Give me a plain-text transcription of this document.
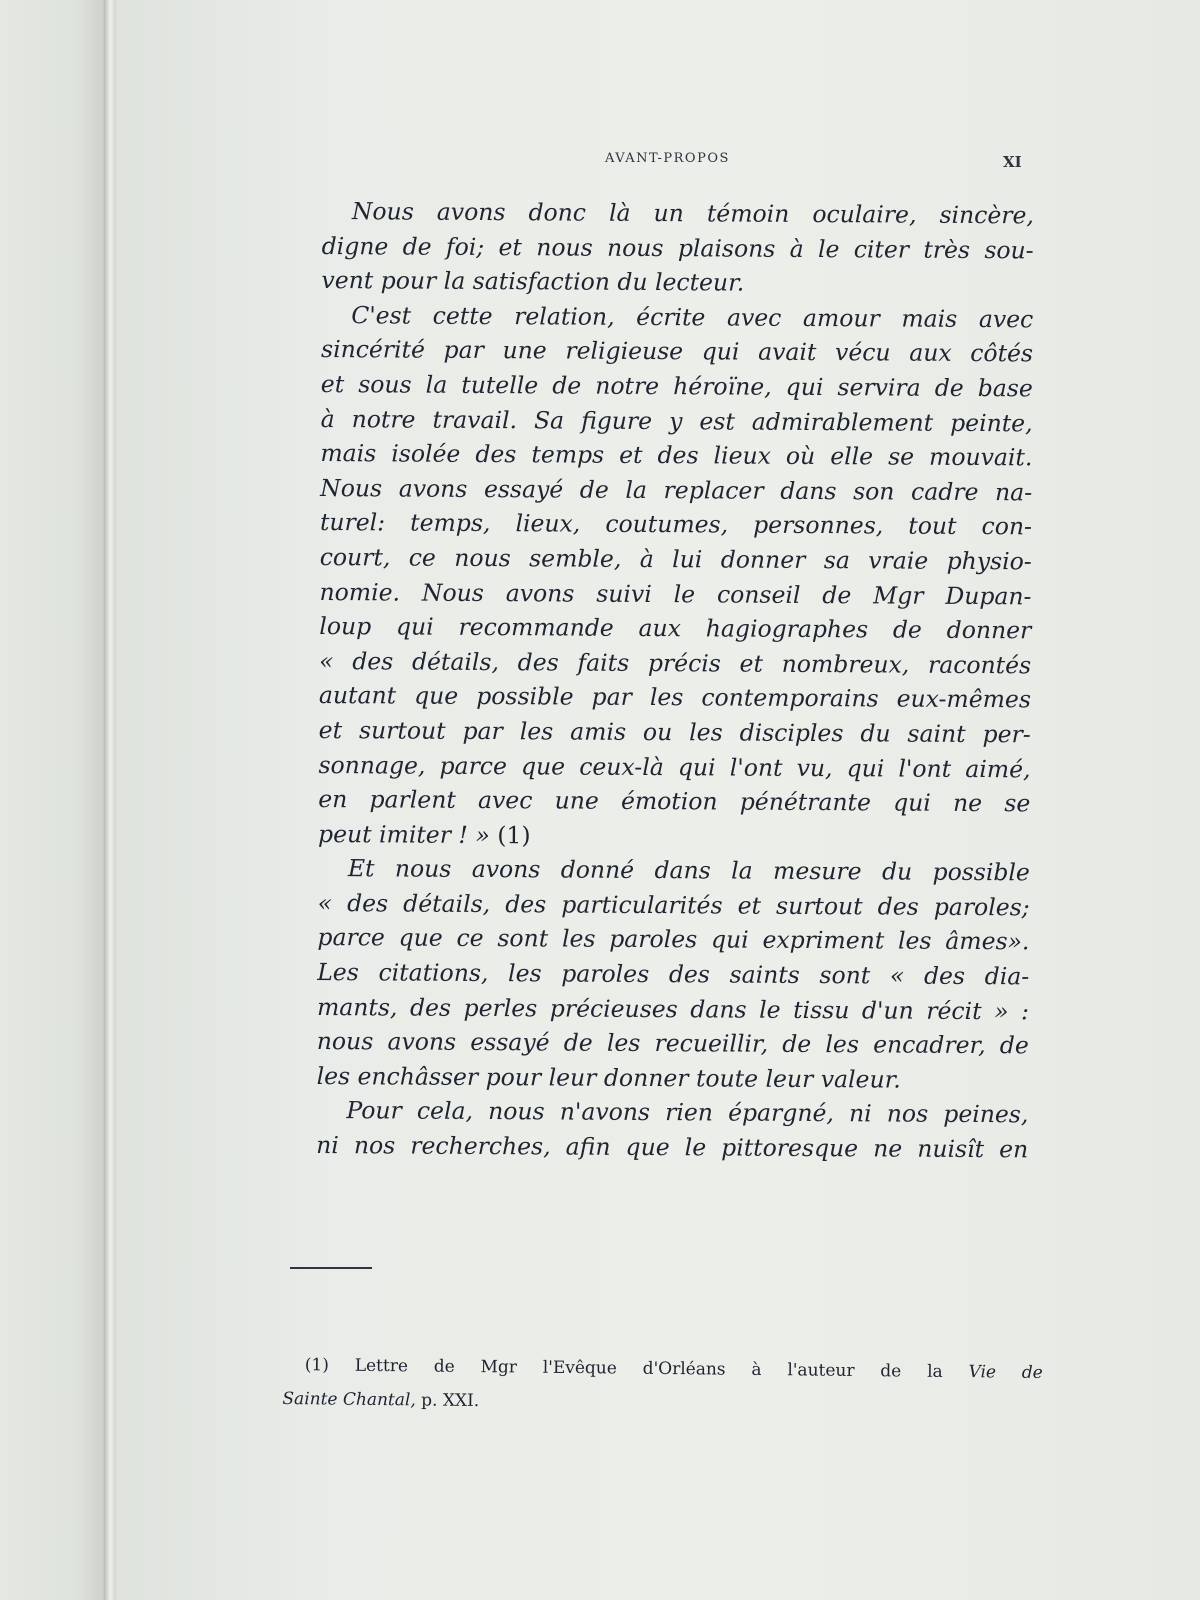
AVANT-PROPOS	XI
Nous avons donc là un témoin oculaire, sincère,
digne de foi; et nous nous plaisons à le citer très sou-
vent pour la satisfaction du lecteur.
C'est cette relation, écrite avec amour mais avec
sincérité par une religieuse qui avait vécu aux côtés
et sous la tutelle de notre héroïne, qui servira de base
à notre travail. Sa figure y est admirablement peinte,
mais isolée des temps et des lieux où elle se mouvait.
Nous avons essayé de la replacer dans son cadre na-
turel: temps, lieux, coutumes, personnes, tout con-
court, ce nous semble, à lui donner sa vraie physio-
nomie. Nous avons suivi le conseil de Mgr Dupan-
loup qui recommande aux hagiographes de donner
« des détails, des faits précis et nombreux, racontés
autant que possible par les contemporains eux-mêmes
et surtout par les amis ou les disciples du saint per-
sonnage, parce que ceux-là qui l'ont vu, qui l'ont aimé,
en parlent avec une émotion pénétrante qui ne se
peut imiter ! » (1)
Et nous avons donné dans la mesure du possible
« des détails, des particularités et surtout des paroles;
parce que ce sont les paroles qui expriment les âmes».
Les citations, les paroles des saints sont « des dia-
mants, des perles précieuses dans le tissu d'un récit » :
nous avons essayé de les recueillir, de les encadrer, de
les enchâsser pour leur donner toute leur valeur.
Pour cela, nous n'avons rien épargné, ni nos peines,
ni nos recherches, afin que le pittoresque ne nuisît en
(1) Lettre de Mgr l'Evêque d'Orléans à l'auteur de la Vie de
Sainte Chantal, p. XXI.
